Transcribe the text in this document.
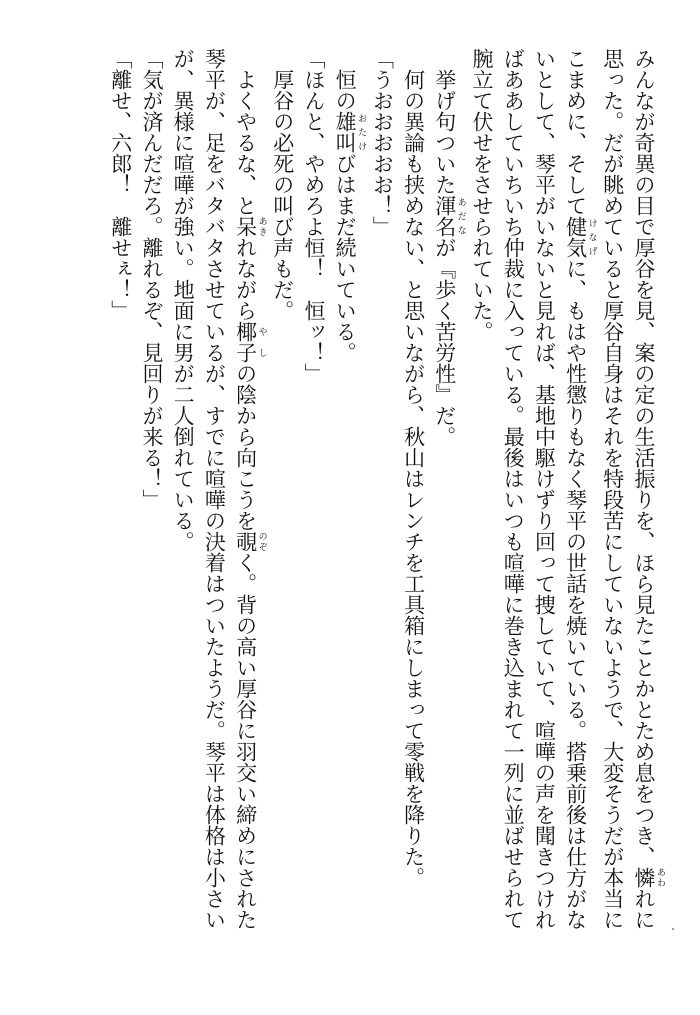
みんなが奇異の目で厚谷を見、案の定の生活振りを、ほら見たことかとため息をつき、憐 あわれに
思った。だが眺めていると厚谷自身はそれを特段苦にしていないようで、大変そうだが本当に
こまめに、そして健気 けなげに、もはや性懲りもなく琴平の世話を焼いている。搭乗前後は仕方がな
いとして、琴平がいないと見れば、基地中駆けずり回って捜していて、喧嘩の声を聞きつけれ
ばああしていちいち仲裁に入っている。最後はいつも喧嘩に巻き込まれて一列に並ばせられて
腕立て伏せをさせられていた。
　挙げ句ついた渾名 あだなが『歩く苦労性』だ。
　何の異論も挟めない、と思いながら、秋山はレンチを工具箱にしまって零戦を降りた。
「うおおおおお！」
　恒の雄叫 おたけびはまだ続いている。
「ほんと、やめろよ恒！　恒ッ！」
　厚谷の必死の叫び声もだ。
　よくやるな、と呆 あきれながら椰子 やしの陰から向こうを覗 のぞく。背の高い厚谷に羽交い締めにされた
琴平が、足をバタバタさせているが、すでに喧嘩の決着はついたようだ。琴平は体格は小さい
が、異様に喧嘩が強い。地面に男が二人倒れている。
「気が済んだだろ。離れるぞ、見回りが来る！」
「離せ、六郎！　離せぇ！」
